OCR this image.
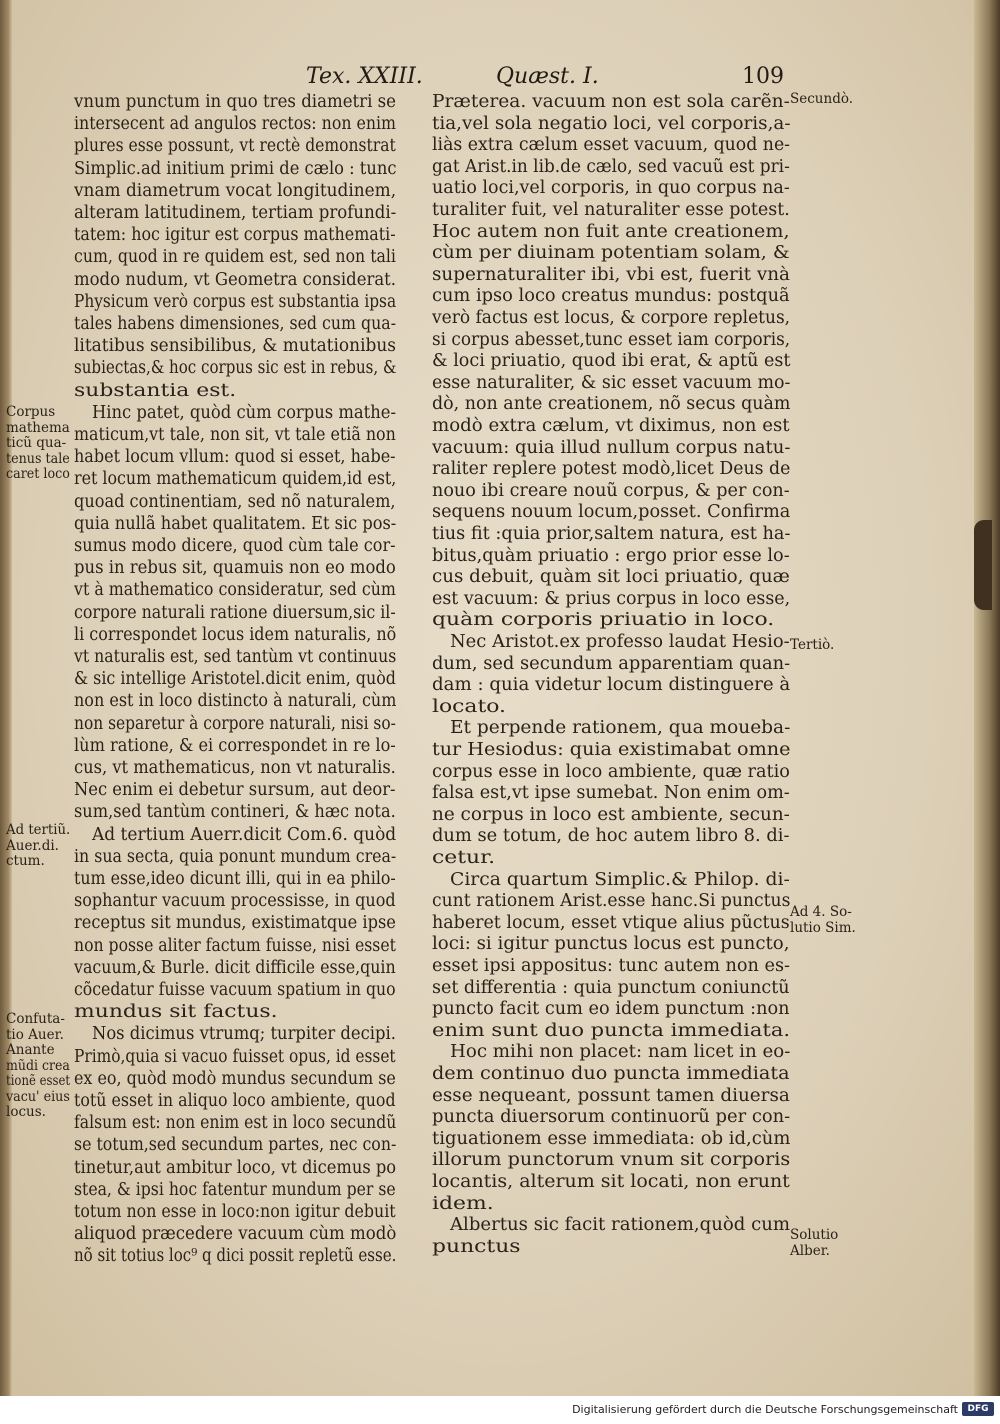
Tex. XXIII.	Quæst. I.	109
vnum punctum in quo tres diametri se
intersecent ad angulos rectos: non enim
plures esse possunt, vt rectè demonstrat
Simplic.ad initium primi de cælo : tunc
vnam diametrum vocat longitudinem,
alteram latitudinem, tertiam profundi-
tatem: hoc igitur est corpus mathemati-
cum, quod in re quidem est, sed non tali
modo nudum, vt Geometra considerat.
Physicum verò corpus est substantia ipsa
tales habens dimensiones, sed cum qua-
litatibus sensibilibus, & mutationibus
subiectas,& hoc corpus sic est in rebus, &
substantia est.
Hinc patet, quòd cùm corpus mathe-
maticum,vt tale, non sit, vt tale etiã non
habet locum vllum: quod si esset, habe-
ret locum mathematicum quidem,id est,
quoad continentiam, sed nõ naturalem,
quia nullã habet qualitatem. Et sic pos-
sumus modo dicere, quod cùm tale cor-
pus in rebus sit, quamuis non eo modo
vt à mathematico consideratur, sed cùm
corpore naturali ratione diuersum,sic il-
li correspondet locus idem naturalis, nõ
vt naturalis est, sed tantùm vt continuus
& sic intellige Aristotel.dicit enim, quòd
non est in loco distincto à naturali, cùm
non separetur à corpore naturali, nisi so-
lùm ratione, & ei correspondet in re lo-
cus, vt mathematicus, non vt naturalis.
Nec enim ei debetur sursum, aut deor-
sum,sed tantùm contineri, & hæc nota.
Ad tertium Auerr.dicit Com.6. quòd
in sua secta, quia ponunt mundum crea-
tum esse,ideo dicunt illi, qui in ea philo-
sophantur vacuum processisse, in quod
receptus sit mundus, existimatque ipse
non posse aliter factum fuisse, nisi esset
vacuum,& Burle. dicit difficile esse,quin
cõcedatur fuisse vacuum spatium in quo
mundus sit factus.
Nos dicimus vtrumq; turpiter decipi.
Primò,quia si vacuo fuisset opus, id esset
ex eo, quòd modò mundus secundum se
totũ esset in aliquo loco ambiente, quod
falsum est: non enim est in loco secundũ
se totum,sed secundum partes, nec con-
tinetur,aut ambitur loco, vt dicemus po
stea, & ipsi hoc fatentur mundum per se
totum non esse in loco:non igitur debuit
aliquod præcedere vacuum cùm modò
nõ sit totius loc⁹ q dici possit repletũ esse.
Præterea. vacuum non est sola carẽn-
tia,vel sola negatio loci, vel corporis,a-
liàs extra cælum esset vacuum, quod ne-
gat Arist.in lib.de cælo, sed vacuũ est pri-
uatio loci,vel corporis, in quo corpus na-
turaliter fuit, vel naturaliter esse potest.
Hoc autem non fuit ante creationem,
cùm per diuinam potentiam solam, &
supernaturaliter ibi, vbi est, fuerit vnà
cum ipso loco creatus mundus: postquã
verò factus est locus, & corpore repletus,
si corpus abesset,tunc esset iam corporis,
& loci priuatio, quod ibi erat, & aptũ est
esse naturaliter, & sic esset vacuum mo-
dò, non ante creationem, nõ secus quàm
modò extra cælum, vt diximus, non est
vacuum: quia illud nullum corpus natu-
raliter replere potest modò,licet Deus de
nouo ibi creare nouũ corpus, & per con-
sequens nouum locum,posset. Confirma
tius fit :quia prior,saltem natura, est ha-
bitus,quàm priuatio : ergo prior esse lo-
cus debuit, quàm sit loci priuatio, quæ
est vacuum: & prius corpus in loco esse,
quàm corporis priuatio in loco.
Nec Aristot.ex professo laudat Hesio-
dum, sed secundum apparentiam quan-
dam : quia videtur locum distinguere à
locato.
Et perpende rationem, qua moueba-
tur Hesiodus: quia existimabat omne
corpus esse in loco ambiente, quæ ratio
falsa est,vt ipse sumebat. Non enim om-
ne corpus in loco est ambiente, secun-
dum se totum, de hoc autem libro 8. di-
cetur.
Circa quartum Simplic.& Philop. di-
cunt rationem Arist.esse hanc.Si punctus
haberet locum, esset vtique alius pũctus
loci: si igitur punctus locus est puncto,
esset ipsi appositus: tunc autem non es-
set differentia : quia punctum coniunctũ
puncto facit cum eo idem punctum :non
enim sunt duo puncta immediata.
Hoc mihi non placet: nam licet in eo-
dem continuo duo puncta immediata
esse nequeant, possunt tamen diuersa
puncta diuersorum continuorũ per con-
tiguationem esse immediata: ob id,cùm
illorum punctorum vnum sit corporis
locantis, alterum sit locati, non erunt
idem.
Albertus sic facit rationem,quòd cum
punctus
Corpus
mathema
ticũ qua-
tenus tale
caret loco
Ad tertiũ.
Auer.di.
ctum.
Confuta-
tio Auer.
Anante
mũdi crea
tionẽ esset
vacu' eius
locus.
Secundò.
Tertiò.
Ad 4. So-
lutio Sim.
Solutio
Alber.
Digitalisierung gefördert durch die Deutsche Forschungsgemeinschaft	DFG
